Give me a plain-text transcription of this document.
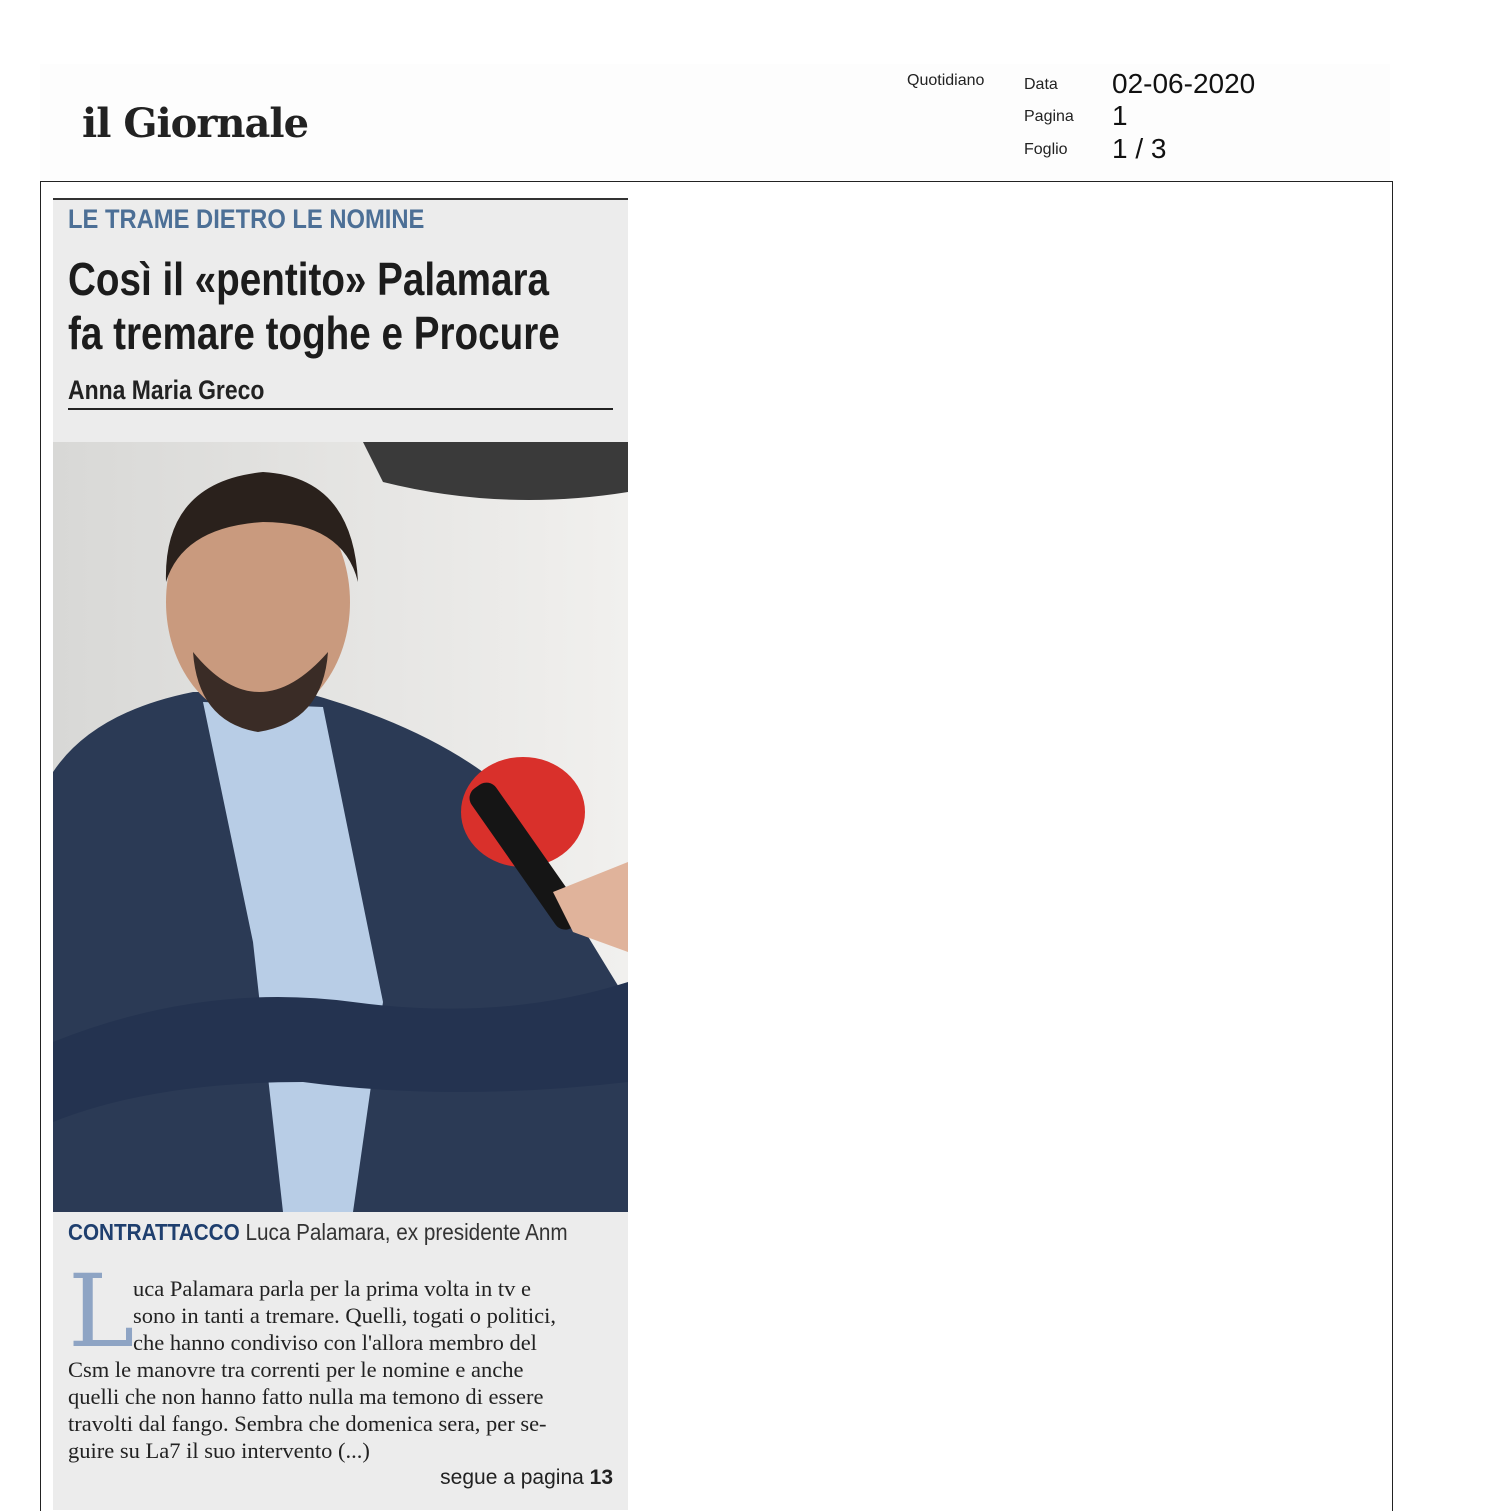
il Giornale
Quotidiano Data 02-06-2020
Pagina 1
Foglio 1 / 3
LE TRAME DIETRO LE NOMINE
Così il «pentito» Palamara
fa tremare toghe e Procure
Anna Maria Greco
CONTRATTACCO Luca Palamara, ex presidente Anm
L
uca Palamara parla per la prima volta in tv e
sono in tanti a tremare. Quelli, togati o politici,
che hanno condiviso con l'allora membro del
Csm le manovre tra correnti per le nomine e anche
quelli che non hanno fatto nulla ma temono di essere
travolti dal fango. Sembra che domenica sera, per se-
guire su La7 il suo intervento (...)
segue a pagina 13
